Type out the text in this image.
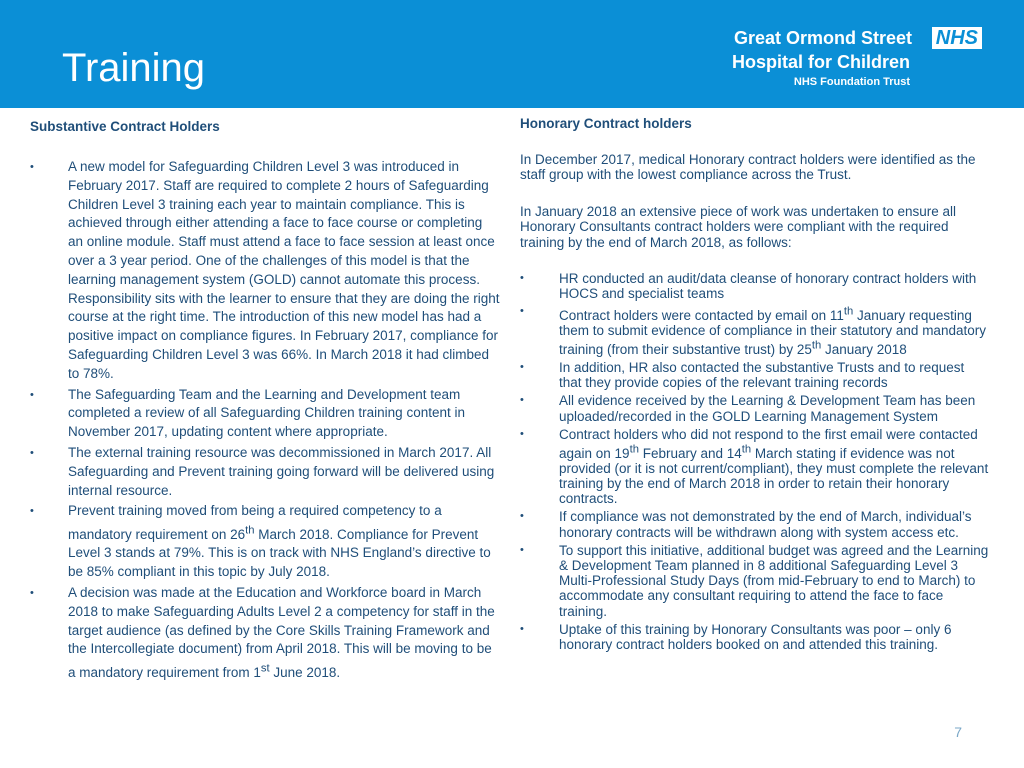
Training
NHS
Great Ormond Street
Hospital for Children
NHS Foundation Trust
Substantive Contract Holders
•	A new model for Safeguarding Children Level 3 was introduced in February 2017. Staff are required to complete 2 hours of Safeguarding Children Level 3 training each year to maintain compliance. This is achieved through either attending a face to face course or completing an online module. Staff must attend a face to face session at least once over a 3 year period. One of the challenges of this model is that the learning management system (GOLD) cannot automate this process. Responsibility sits with the learner to ensure that they are doing the right course at the right time. The introduction of this new model has had a positive impact on compliance figures. In February 2017, compliance for Safeguarding Children Level 3 was 66%. In March 2018 it had climbed to 78%.
•	The Safeguarding Team and the Learning and Development team completed a review of all Safeguarding Children training content in November 2017, updating content where appropriate.
•	The external training resource was decommissioned in March 2017. All Safeguarding and Prevent training going forward will be delivered using internal resource.
•	Prevent training moved from being a required competency to a mandatory requirement on 26th March 2018. Compliance for Prevent Level 3 stands at 79%. This is on track with NHS England’s directive to be 85% compliant in this topic by July 2018.
•	A decision was made at the Education and Workforce board in March 2018 to make Safeguarding Adults Level 2 a competency for staff in the target audience (as defined by the Core Skills Training Framework and the Intercollegiate document) from April 2018. This will be moving to be a mandatory requirement from 1st June 2018.
Honorary Contract holders

In December 2017, medical Honorary contract holders were identified as the staff group with the lowest compliance across the Trust.

In January 2018 an extensive piece of work was undertaken to ensure all Honorary Consultants contract holders were compliant with the required training by the end of March 2018, as follows:

•	HR conducted an audit/data cleanse of honorary contract holders with HOCS and specialist teams
•	Contract holders were contacted by email on 11th January requesting them to submit evidence of compliance in their statutory and mandatory training (from their substantive trust) by 25th January 2018
•	In addition, HR also contacted the substantive Trusts and to request that they provide copies of the relevant training records
•	All evidence received by the Learning & Development Team has been uploaded/recorded in the GOLD Learning Management System
•	Contract holders who did not respond to the first email were contacted again on 19th February and 14th March stating if evidence was not provided (or it is not current/compliant), they must complete the relevant training by the end of March 2018 in order to retain their honorary contracts.
•	If compliance was not demonstrated by the end of March, individual’s honorary contracts will be withdrawn along with system access etc.
•	To support this initiative, additional budget was agreed and the Learning & Development Team planned in 8 additional Safeguarding Level 3 Multi-Professional Study Days (from mid-February to end to March) to accommodate any consultant requiring to attend the face to face training.
•	Uptake of this training by Honorary Consultants was poor – only 6 honorary contract holders booked on and attended this training.
7
